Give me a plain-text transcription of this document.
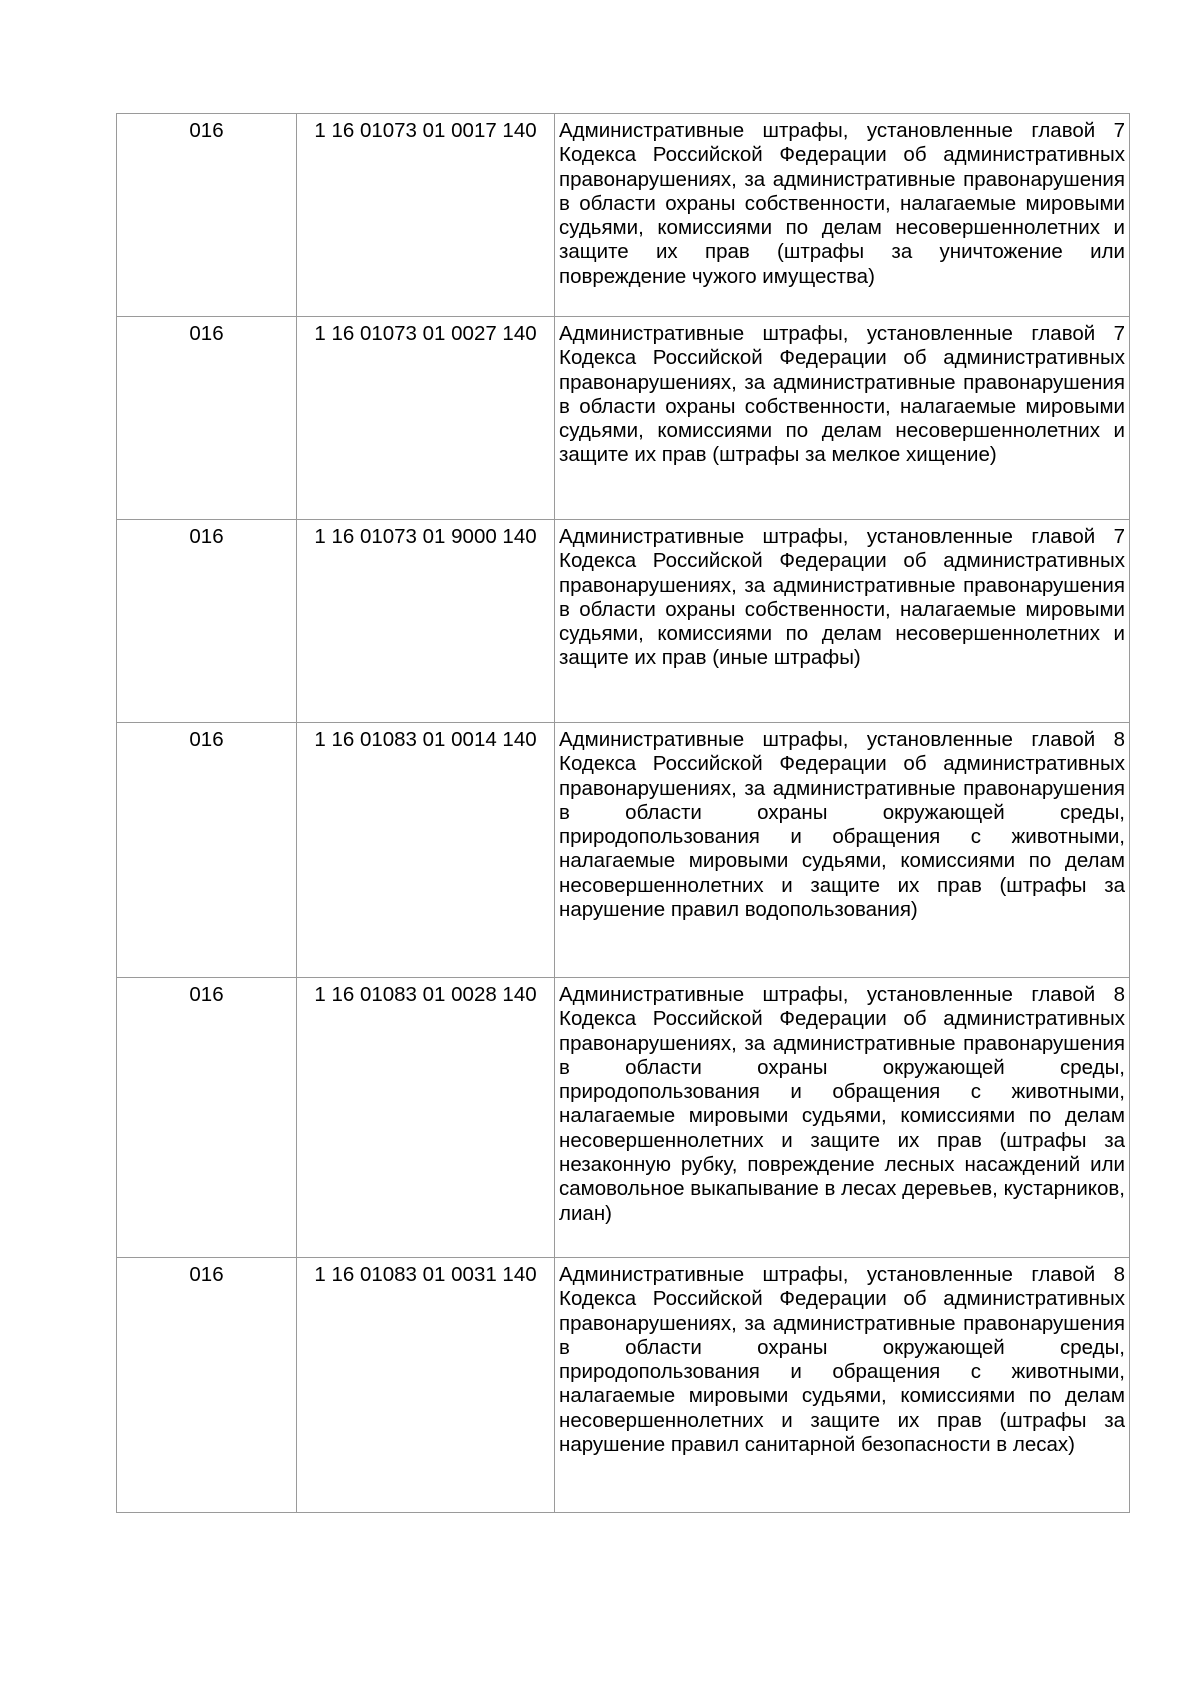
016	1 16 01073 01 0017 140	Административные штрафы, установленные главой 7 Кодекса Российской Федерации об административных правонарушениях, за административные правонарушения в области охраны собственности, налагаемые мировыми судьями, комиссиями по делам несовершеннолетних и защите их прав (штрафы за уничтожение или повреждение чужого имущества)
016	1 16 01073 01 0027 140	Административные штрафы, установленные главой 7 Кодекса Российской Федерации об административных правонарушениях, за административные правонарушения в области охраны собственности, налагаемые мировыми судьями, комиссиями по делам несовершеннолетних и защите их прав (штрафы за мелкое хищение)
016	1 16 01073 01 9000 140	Административные штрафы, установленные главой 7 Кодекса Российской Федерации об административных правонарушениях, за административные правонарушения в области охраны собственности, налагаемые мировыми судьями, комиссиями по делам несовершеннолетних и защите их прав (иные штрафы)
016	1 16 01083 01 0014 140	Административные штрафы, установленные главой 8 Кодекса Российской Федерации об административных правонарушениях, за административные правонарушения в области охраны окружающей среды, природопользования и обращения с животными, налагаемые мировыми судьями, комиссиями по делам несовершеннолетних и защите их прав (штрафы за нарушение правил водопользования)
016	1 16 01083 01 0028 140	Административные штрафы, установленные главой 8 Кодекса Российской Федерации об административных правонарушениях, за административные правонарушения в области охраны окружающей среды, природопользования и обращения с животными, налагаемые мировыми судьями, комиссиями по делам несовершеннолетних и защите их прав (штрафы за незаконную рубку, повреждение лесных насаждений или самовольное выкапывание в лесах деревьев, кустарников, лиан)
016	1 16 01083 01 0031 140	Административные штрафы, установленные главой 8 Кодекса Российской Федерации об административных правонарушениях, за административные правонарушения в области охраны окружающей среды, природопользования и обращения с животными, налагаемые мировыми судьями, комиссиями по делам несовершеннолетних и защите их прав (штрафы за нарушение правил санитарной безопасности в лесах)
